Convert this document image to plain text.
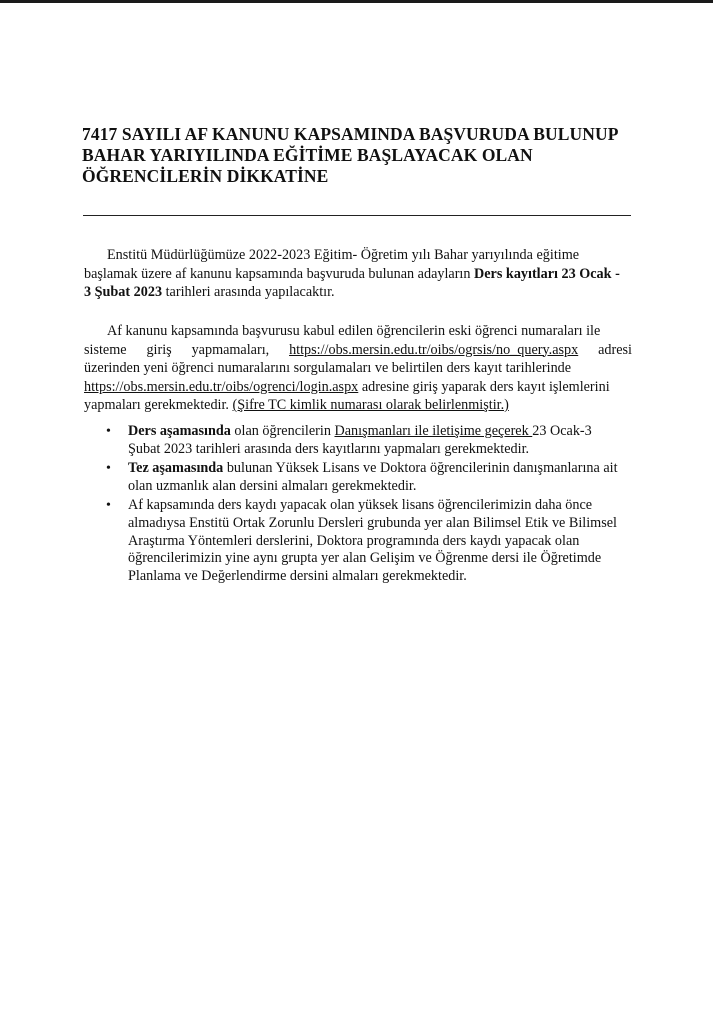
7417 SAYILI AF KANUNU KAPSAMINDA BAŞVURUDA BULUNUP
BAHAR YARIYILINDA EĞİTİME BAŞLAYACAK OLAN
ÖĞRENCİLERİN DİKKATİNE
Enstitü Müdürlüğümüze 2022-2023 Eğitim- Öğretim yılı Bahar yarıyılında eğitime
başlamak üzere af kanunu kapsamında başvuruda bulunan adayların Ders kayıtları 23 Ocak -
3 Şubat 2023 tarihleri arasında yapılacaktır.
Af kanunu kapsamında başvurusu kabul edilen öğrencilerin eski öğrenci numaraları ile
sisteme giriş yapmamaları, https://obs.mersin.edu.tr/oibs/ogrsis/no_query.aspx adresi
üzerinden yeni öğrenci numaralarını sorgulamaları ve belirtilen ders kayıt tarihlerinde
https://obs.mersin.edu.tr/oibs/ogrenci/login.aspx adresine giriş yaparak ders kayıt işlemlerini
yapmaları gerekmektedir. (Şifre TC kimlik numarası olarak belirlenmiştir.)
• Ders aşamasında olan öğrencilerin Danışmanları ile iletişime geçerek 23 Ocak-3
Şubat 2023 tarihleri arasında ders kayıtlarını yapmaları gerekmektedir.
• Tez aşamasında bulunan Yüksek Lisans ve Doktora öğrencilerinin danışmanlarına ait
olan uzmanlık alan dersini almaları gerekmektedir.
• Af kapsamında ders kaydı yapacak olan yüksek lisans öğrencilerimizin daha önce
almadıysa Enstitü Ortak Zorunlu Dersleri grubunda yer alan Bilimsel Etik ve Bilimsel
Araştırma Yöntemleri derslerini, Doktora programında ders kaydı yapacak olan
öğrencilerimizin yine aynı grupta yer alan Gelişim ve Öğrenme dersi ile Öğretimde
Planlama ve Değerlendirme dersini almaları gerekmektedir.
